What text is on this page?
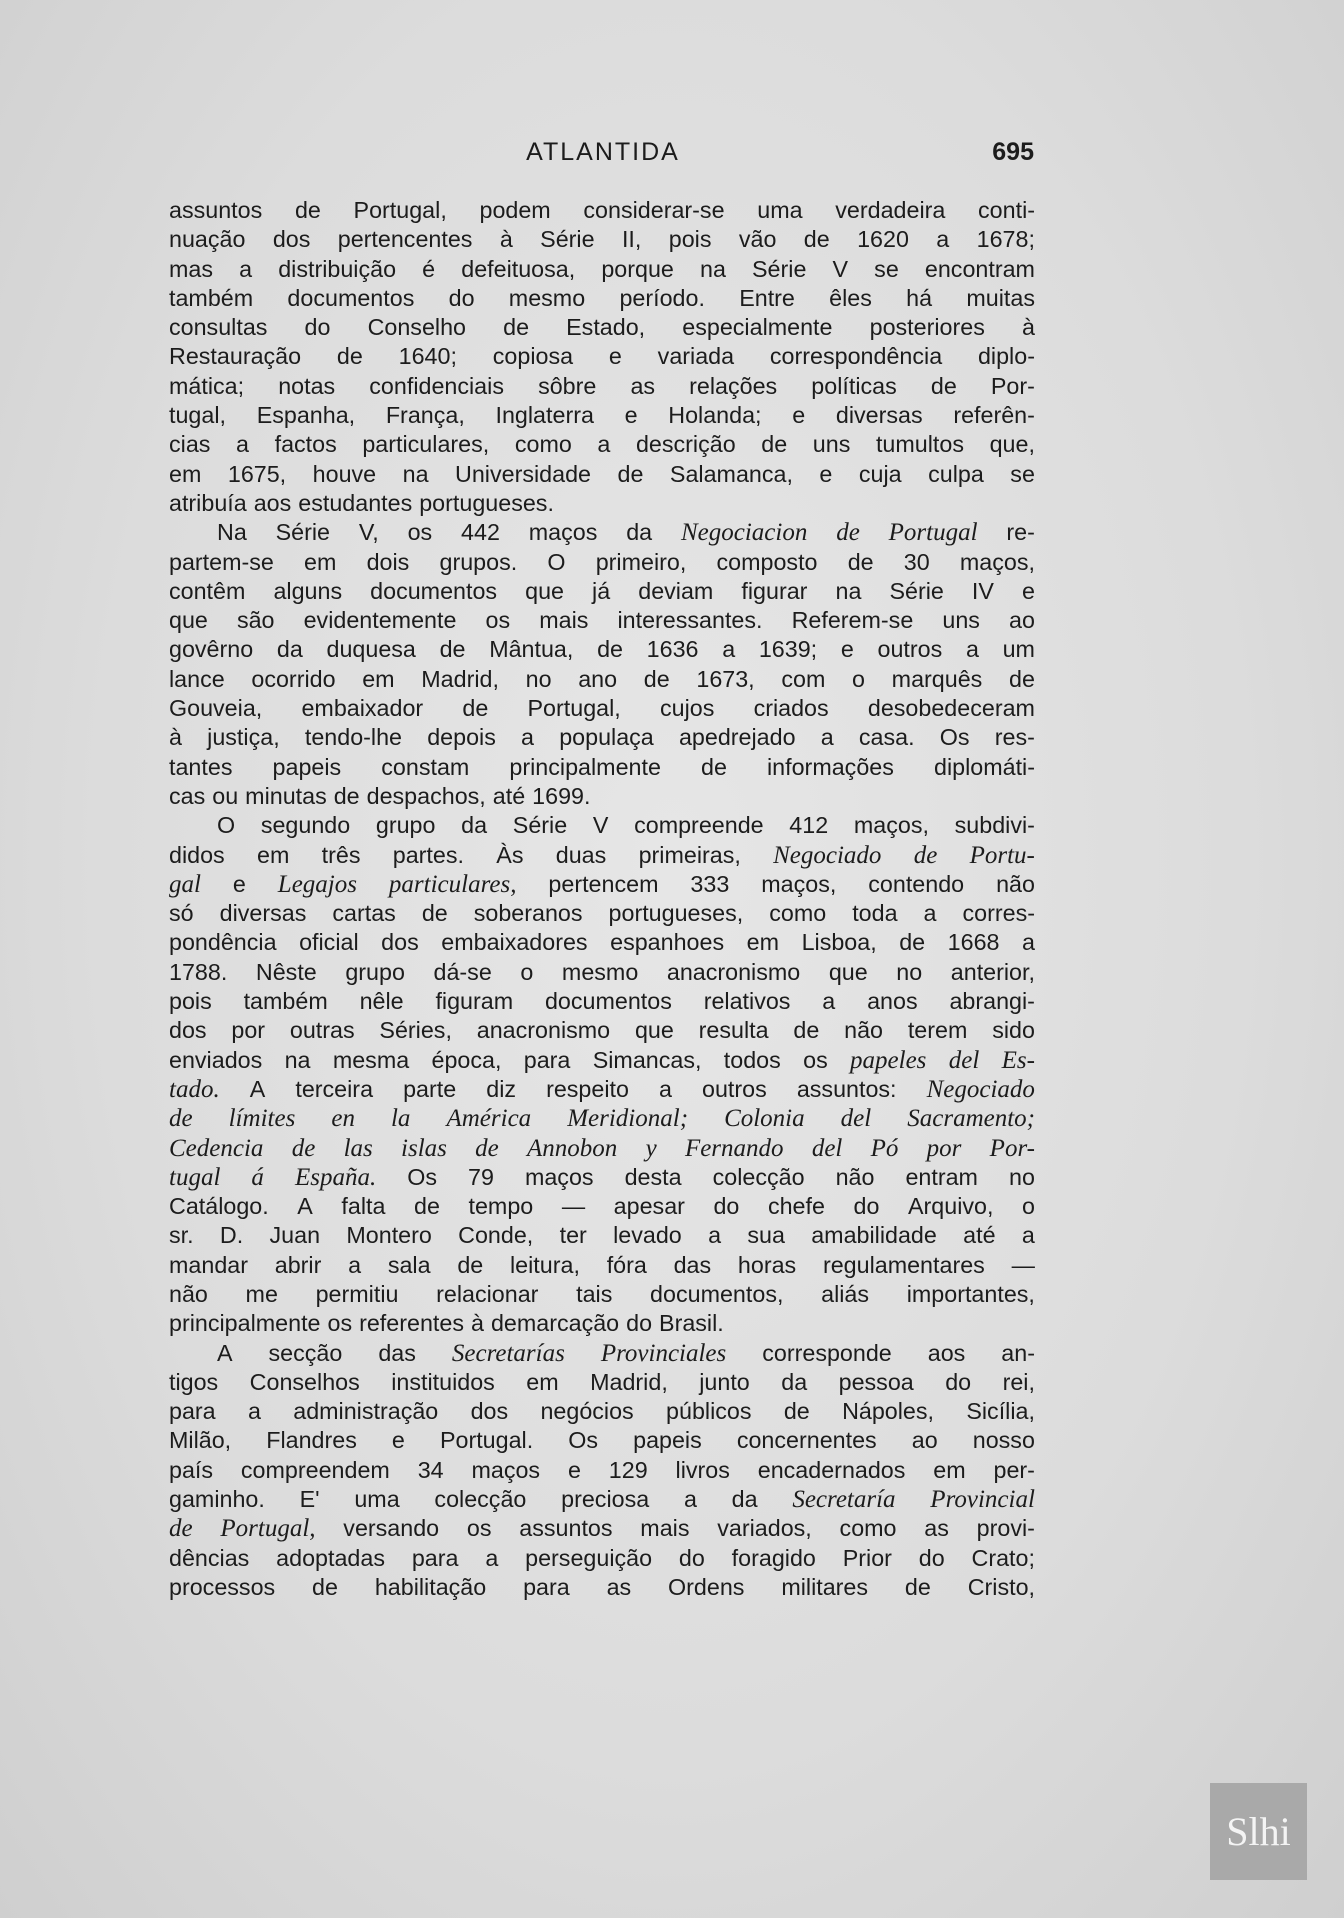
ATLANTIDA	695
assuntos de Portugal, podem considerar-se uma verdadeira conti-
nuação dos pertencentes à Série II, pois vão de 1620 a 1678;
mas a distribuição é defeituosa, porque na Série V se encontram
também documentos do mesmo período. Entre êles há muitas
consultas do Conselho de Estado, especialmente posteriores à
Restauração de 1640; copiosa e variada correspondência diplo-
mática; notas confidenciais sôbre as relações políticas de Por-
tugal, Espanha, França, Inglaterra e Holanda; e diversas referên-
cias a factos particulares, como a descrição de uns tumultos que,
em 1675, houve na Universidade de Salamanca, e cuja culpa se
atribuía aos estudantes portugueses.
Na Série V, os 442 maços da Negociacion de Portugal re-
partem-se em dois grupos. O primeiro, composto de 30 maços,
contêm alguns documentos que já deviam figurar na Série IV e
que são evidentemente os mais interessantes. Referem-se uns ao
govêrno da duquesa de Mântua, de 1636 a 1639; e outros a um
lance ocorrido em Madrid, no ano de 1673, com o marquês de
Gouveia, embaixador de Portugal, cujos criados desobedeceram
à justiça, tendo-lhe depois a populaça apedrejado a casa. Os res-
tantes papeis constam principalmente de informações diplomáti-
cas ou minutas de despachos, até 1699.
O segundo grupo da Série V compreende 412 maços, subdivi-
didos em três partes. Às duas primeiras, Negociado de Portu-
gal e Legajos particulares, pertencem 333 maços, contendo não
só diversas cartas de soberanos portugueses, como toda a corres-
pondência oficial dos embaixadores espanhoes em Lisboa, de 1668 a
1788. Nêste grupo dá-se o mesmo anacronismo que no anterior,
pois também nêle figuram documentos relativos a anos abrangi-
dos por outras Séries, anacronismo que resulta de não terem sido
enviados na mesma época, para Simancas, todos os papeles del Es-
tado. A terceira parte diz respeito a outros assuntos: Negociado
de límites en la América Meridional; Colonia del Sacramento;
Cedencia de las islas de Annobon y Fernando del Pó por Por-
tugal á España. Os 79 maços desta colecção não entram no
Catálogo. A falta de tempo — apesar do chefe do Arquivo, o
sr. D. Juan Montero Conde, ter levado a sua amabilidade até a
mandar abrir a sala de leitura, fóra das horas regulamentares —
não me permitiu relacionar tais documentos, aliás importantes,
principalmente os referentes à demarcação do Brasil.
A secção das Secretarías Provinciales corresponde aos an-
tigos Conselhos instituidos em Madrid, junto da pessoa do rei,
para a administração dos negócios públicos de Nápoles, Sicília,
Milão, Flandres e Portugal. Os papeis concernentes ao nosso
país compreendem 34 maços e 129 livros encadernados em per-
gaminho. E' uma colecção preciosa a da Secretaría Provincial
de Portugal, versando os assuntos mais variados, como as provi-
dências adoptadas para a perseguição do foragido Prior do Crato;
processos de habilitação para as Ordens militares de Cristo,
Slhi
